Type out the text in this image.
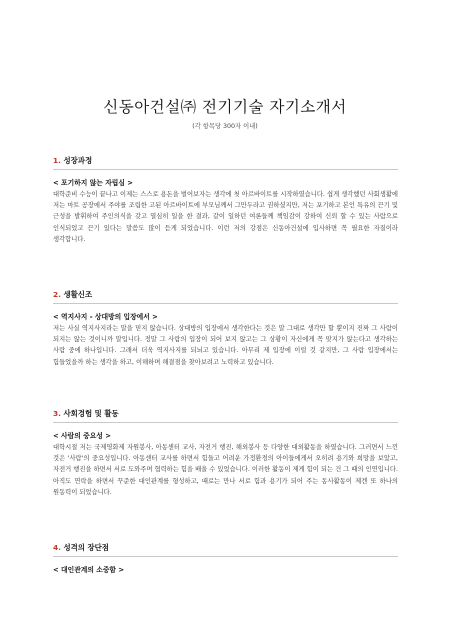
신동아건설㈜ 전기기술 자기소개서
(각 항목당 300자 이내)
1. 성장과정
< 포기하지 않는 자립심 >
대학준비 수능이 끝나고 이제는 스스로 용돈을 벌어보자는 생각에 첫 아르바이트를 시작하였습니다. 쉽게 생각했던 사회생활에 저는 마트 공장에서 주야를 조립한 고된 아르바이트에 부모님께서 그만두라고 권하셨지만, 저는 포기하고 본인 특유의 끈기 및 근성을 발휘하여 주인의식을 갖고 열심히 일을 한 결과, 같이 일하던 여론들께 책임감이 강하여 신뢰 할 수 있는 사람으로 인식되었고 끈기 있다는 말씀도 많이 듣게 되었습니다. 이런 저의 강점은 신동아건설에 입사하면 꼭 필요한 자질이라 생각합니다.
2. 생활신조
< 역지사지 - 상대방의 입장에서 >
저는 사실 역지사지라는 말을 믿지 않습니다. 상대방의 입장에서 생각한다는 것은 말 그대로 생각만 할 뿐이지 진짜 그 사람이 되지는 않는 것이니까 말입니다. 정말 그 사람의 입장이 되어 보지 않고는 그 상황이 자신에게 꼭 맞지가 않는다고 생각하는 사람 중에 하나입니다. 그래서 더욱 역지사지를 되뇌고 있습니다. 아무리 제 입장에 이럴 것 같지만, 그 사람 입장에서는 힘들었을까 하는 생각을 하고, 이해하며 해결점을 찾아보려고 노력하고 있습니다.
3. 사회경험 및 활동
< 사람의 중요성 >
대학시절 저는 국제영화제 자원봉사, 아동센터 교사, 자전거 행진, 해외봉사 등 다양한 대외활동을 하였습니다. 그러면서 느낀 것은 '사람'의 중요성입니다. 아동센터 교사를 하면서 힘들고 어려운 가정환경의 아이들에게서 오히려 용기와 희망을 보았고, 자전거 행진을 하면서 서로 도와주며 협력하는 힘을 배울 수 있었습니다. 이러한 활동이 제게 힘이 되는 건 그 때의 인연입니다. 아직도 연락을 하면서 꾸준한 대인관계를 형성하고, 때로는 만나 서로 힘과 용기가 되어 주는 동사활동이 제겐 또 하나의 원동력이 되었습니다.
4. 성격의 장단점
< 대인관계의 소중함 >
